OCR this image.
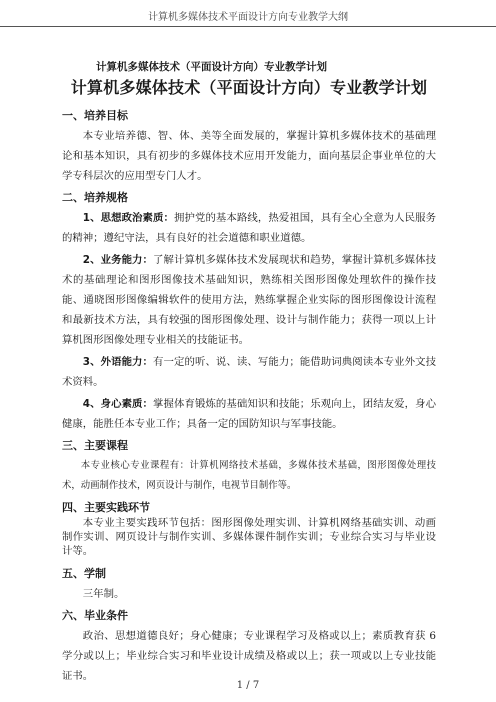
计算机多媒体技术平面设计方向专业教学大纲
计算机多媒体技术（平面设计方向）专业教学计划
计算机多媒体技术（平面设计方向）专业教学计划
一、培养目标
本专业培养德、智、体、美等全面发展的，掌握计算机多媒体技术的基础理论和基本知识，具有初步的多媒体技术应用开发能力，面向基层企事业单位的大学专科层次的应用型专门人才。
二、培养规格
1、思想政治素质：拥护党的基本路线，热爱祖国，具有全心全意为人民服务的精神；遵纪守法，具有良好的社会道德和职业道德。
2、业务能力：了解计算机多媒体技术发展现状和趋势，掌握计算机多媒体技术的基础理论和图形图像技术基础知识，熟练相关图形图像处理软件的操作技能、通晓图形图像编辑软件的使用方法，熟练掌握企业实际的图形图像设计流程和最新技术方法，具有较强的图形图像处理、设计与制作能力；获得一项以上计算机图形图像处理专业相关的技能证书。
3、外语能力：有一定的听、说、读、写能力；能借助词典阅读本专业外文技术资料。
4、身心素质：掌握体育锻炼的基础知识和技能；乐观向上，团结友爱，身心健康，能胜任本专业工作；具备一定的国防知识与军事技能。
三、主要课程
本专业核心专业课程有：计算机网络技术基础，多媒体技术基础，图形图像处理技术，动画制作技术，网页设计与制作，电视节目制作等。
四、主要实践环节
本专业主要实践环节包括：图形图像处理实训、计算机网络基础实训、动画制作实训、网页设计与制作实训、多媒体课件制作实训；专业综合实习与毕业设计等。
五、学制
三年制。
六、毕业条件
政治、思想道德良好；身心健康；专业课程学习及格或以上；素质教育获 6 学分或以上；毕业综合实习和毕业设计成绩及格或以上；获一项或以上专业技能证书。
1 / 7
